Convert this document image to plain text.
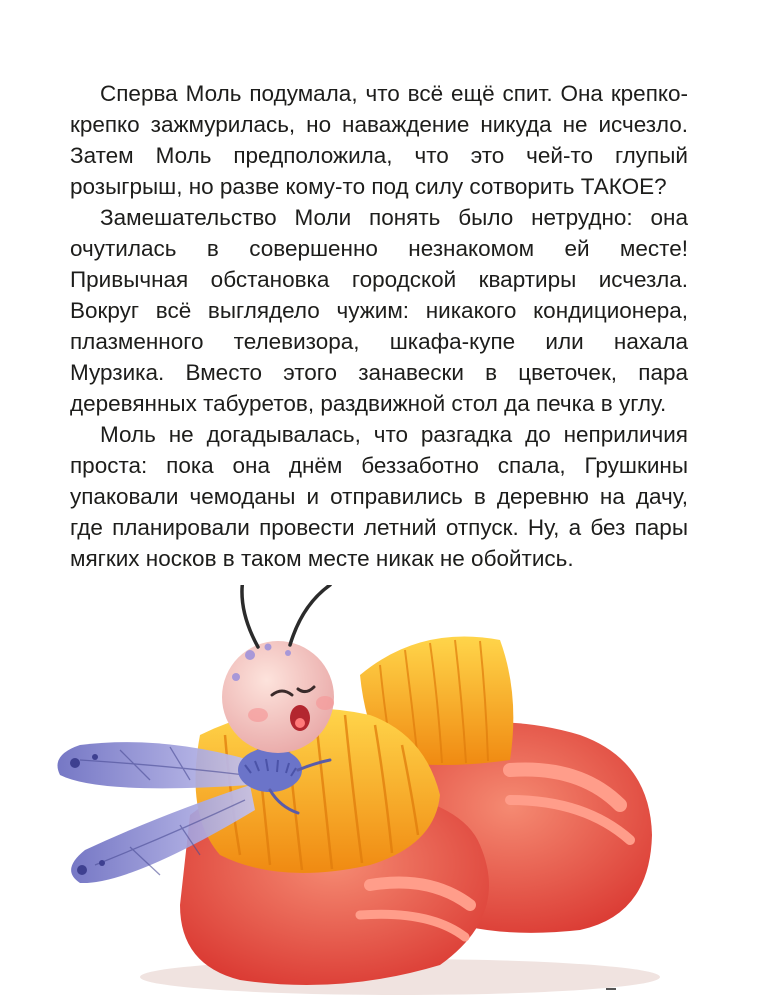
Сперва Моль подумала, что всё ещё спит. Она крепко-крепко зажмурилась, но наваждение никуда не исчезло. Затем Моль предположила, что это чей-то глупый розыгрыш, но разве кому-то под силу сотворить ТАКОЕ?

Замешательство Моли понять было нетрудно: она очутилась в совершенно незнакомом ей месте! Привычная обстановка городской квартиры исчезла. Вокруг всё выглядело чужим: никакого кондиционера, плазменного телевизора, шкафа-купе или нахала Мурзика. Вместо этого занавески в цветочек, пара деревянных табуретов, раздвижной стол да печка в углу.

Моль не догадывалась, что разгадка до неприличия проста: пока она днём беззаботно спала, Грушкины упаковали чемоданы и отправились в деревню на дачу, где планировали провести летний отпуск. Ну, а без пары мягких носков в таком месте никак не обойтись.
